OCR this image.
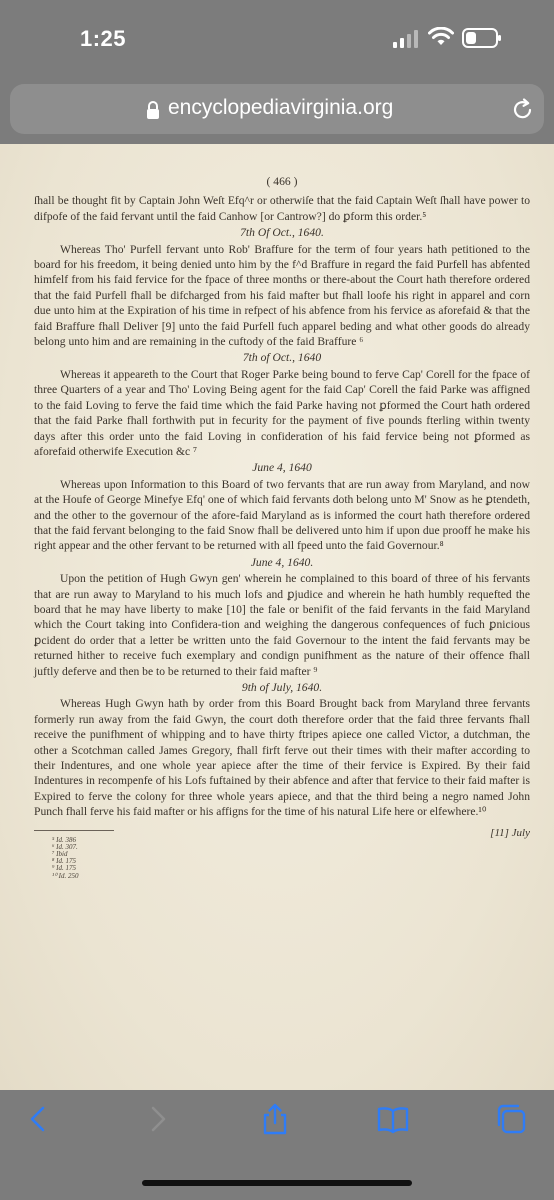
1:25
encyclopediavirginia.org

( 466 )

ſhall be thought fit by Captain John Weſt Efq^r or otherwiſe that the faid Captain Weſt ſhall have power to difpofe of the faid fervant until the faid Canhow [or Cantrow?] do ꝑform this order.⁵

7th Of Oct., 1640.

Whereas Tho' Purfell fervant unto Rob' Braffure for the term of four years hath petitioned to the board for his freedom, it being denied unto him by the f^d Braffure in regard the faid Purfell has abfented himfelf from his faid fervice for the fpace of three months or there-about the Court hath therefore ordered that the faid Purfell fhall be difcharged from his faid mafter but fhall loofe his right in apparel and corn due unto him at the Expiration of his time in refpect of his abfence from his fervice as aforefaid & that the faid Braffure fhall Deliver [9] unto the faid Purfell fuch apparel beding and what other goods do already belong unto him and are remaining in the cuftody of the faid Braffure ⁶

7th of Oct., 1640

Whereas it appeareth to the Court that Roger Parke being bound to ferve Cap' Corell for the fpace of three Quarters of a year and Tho' Loving Being agent for the faid Cap' Corell the faid Parke was affigned to the faid Loving to ferve the faid time which the faid Parke having not ꝑformed the Court hath ordered that the faid Parke fhall forthwith put in fecurity for the payment of five pounds fterling within twenty days after this order unto the faid Loving in confideration of his faid fervice being not ꝑformed as aforefaid otherwife Execution &c ⁷

June 4, 1640

Whereas upon Information to this Board of two fervants that are run away from Maryland, and now at the Houfe of George Minefye Efq' one of which faid fervants doth belong unto M' Snow as he ꝑtendeth, and the other to the governour of the afore-faid Maryland as is informed the court hath therefore ordered that the faid fervant belonging to the faid Snow fhall be delivered unto him if upon due prooff he make his right appear and the other fervant to be returned with all fpeed unto the faid Governour.⁸

June 4, 1640.

Upon the petition of Hugh Gwyn gen' wherein he complained to this board of three of his fervants that are run away to Maryland to his much lofs and ꝑjudice and wherein he hath humbly requefted the board that he may have liberty to make [10] the fale or benifit of the faid fervants in the faid Maryland which the Court taking into Confidera-tion and weighing the dangerous confequences of fuch ꝑnicious ꝑcident do order that a letter be written unto the faid Governour to the intent the faid fervants may be returned hither to receive fuch exemplary and condign punifhment as the nature of their offence fhall juftly deferve and then be to be returned to their faid mafter ⁹

9th of July, 1640.

Whereas Hugh Gwyn hath by order from this Board Brought back from Maryland three fervants formerly run away from the faid Gwyn, the court doth therefore order that the faid three fervants fhall receive the punifhment of whipping and to have thirty ftripes apiece one called Victor, a dutchman, the other a Scotchman called James Gregory, fhall firft ferve out their times with their mafter according to their Indentures, and one whole year apiece after the time of their fervice is Expired. By their faid Indentures in recompenfe of his Lofs fuftained by their abfence and after that fervice to their faid mafter is Expired to ferve the colony for three whole years apiece, and that the third being a negro named John Punch fhall ferve his faid mafter or his affigns for the time of his natural Life here or elfewhere.¹⁰

⁵ Id. 386
⁶ Id. 307.
⁷ Ibid
⁸ Id. 175
⁹ Id. 175
¹⁰ Id. 250
[11] July
